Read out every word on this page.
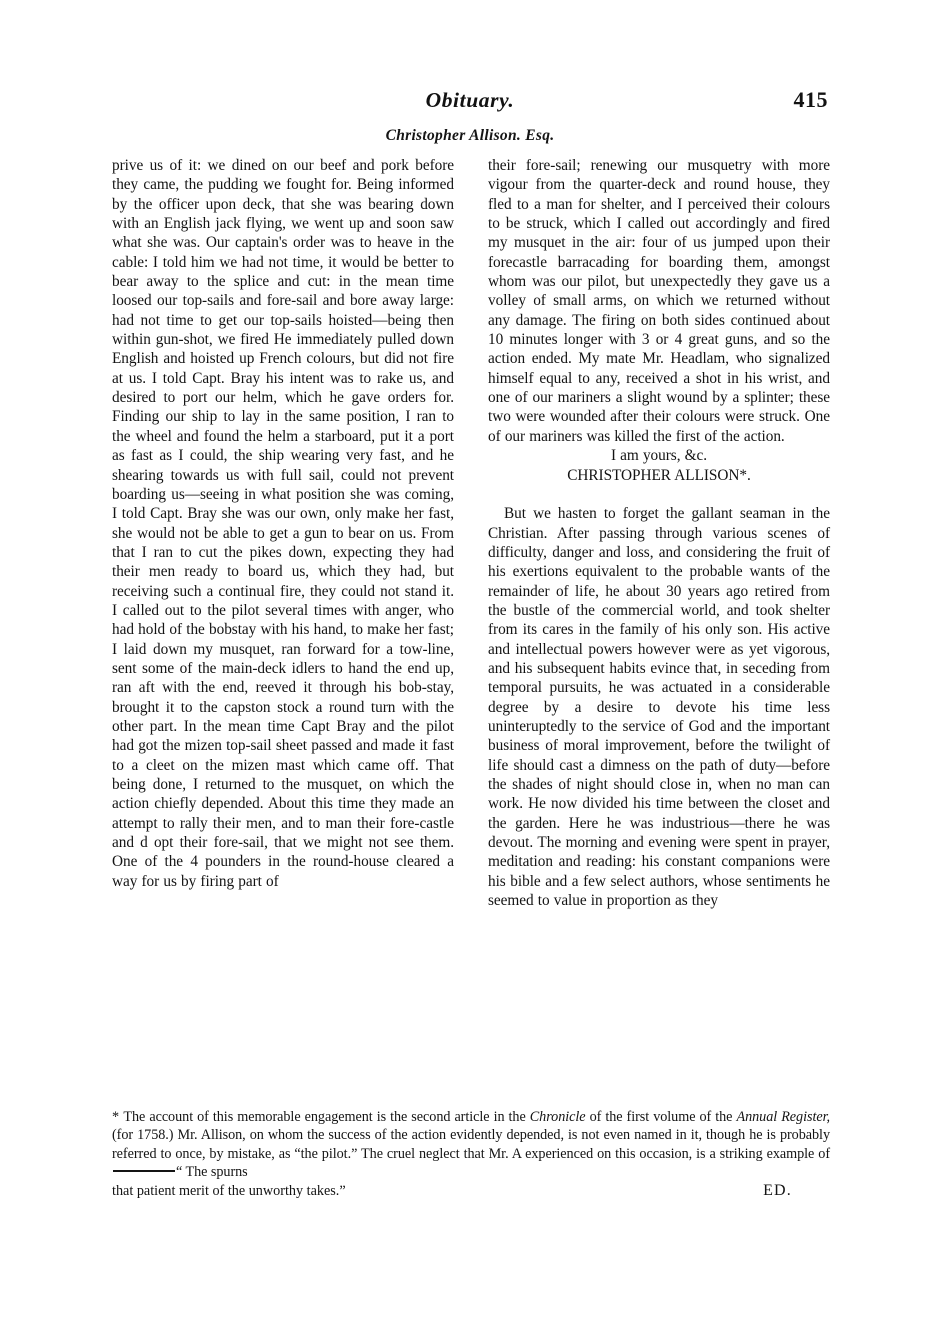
Obituary.	415
Christopher Allison. Esq.

prive us of it: we dined on our beef and pork before they came, the pudding we fought for. Being informed by the officer upon deck, that she was bearing down with an English jack flying, we went up and soon saw what she was. Our captain's order was to heave in the cable: I told him we had not time, it would be better to bear away to the splice and cut: in the mean time loosed our top-sails and fore-sail and bore away large: had not time to get our top-sails hoisted—being then within gun-shot, we fired He immediately pulled down English and hoisted up French colours, but did not fire at us. I told Capt. Bray his intent was to rake us, and desired to port our helm, which he gave orders for. Finding our ship to lay in the same position, I ran to the wheel and found the helm a starboard, put it a port as fast as I could, the ship wearing very fast, and he shearing towards us with full sail, could not prevent boarding us—seeing in what position she was coming, I told Capt. Bray she was our own, only make her fast, she would not be able to get a gun to bear on us. From that I ran to cut the pikes down, expecting they had their men ready to board us, which they had, but receiving such a continual fire, they could not stand it. I called out to the pilot several times with anger, who had hold of the bobstay with his hand, to make her fast; I laid down my musquet, ran forward for a tow-line, sent some of the main-deck idlers to hand the end up, ran aft with the end, reeved it through his bob-stay, brought it to the capston stock a round turn with the other part. In the mean time Capt Bray and the pilot had got the mizen top-sail sheet passed and made it fast to a cleet on the mizen mast which came off. That being done, I returned to the musquet, on which the action chiefly depended. About this time they made an attempt to rally their men, and to man their fore-castle and d opt their fore-sail, that we might not see them. One of the 4 pounders in the round-house cleared a way for us by firing part of

their fore-sail; renewing our musquetry with more vigour from the quarter-deck and round house, they fled to a man for shelter, and I perceived their colours to be struck, which I called out accordingly and fired my musquet in the air: four of us jumped upon their forecastle barracading for boarding them, amongst whom was our pilot, but unexpectedly they gave us a volley of small arms, on which we returned without any damage. The firing on both sides continued about 10 minutes longer with 3 or 4 great guns, and so the action ended. My mate Mr. Headlam, who signalized himself equal to any, received a shot in his wrist, and one of our mariners a slight wound by a splinter; these two were wounded after their colours were struck. One of our mariners was killed the first of the action.

I am yours, &c.

CHRISTOPHER ALLISON*.

But we hasten to forget the gallant seaman in the Christian. After passing through various scenes of difficulty, danger and loss, and considering the fruit of his exertions equivalent to the probable wants of the remainder of life, he about 30 years ago retired from the bustle of the commercial world, and took shelter from its cares in the family of his only son. His active and intellectual powers however were as yet vigorous, and his subsequent habits evince that, in seceding from temporal pursuits, he was actuated in a considerable degree by a desire to devote his time less uninteruptedly to the service of God and the important business of moral improvement, before the twilight of life should cast a dimness on the path of duty—before the shades of night should close in, when no man can work. He now divided his time between the closet and the garden. Here he was industrious—there he was devout. The morning and evening were spent in prayer, meditation and reading: his constant companions were his bible and a few select authors, whose sentiments he seemed to value in proportion as they

* The account of this memorable engagement is the second article in the Chronicle of the first volume of the Annual Register, (for 1758.) Mr. Allison, on whom the success of the action evidently depended, is not even named in it, though he is probably referred to once, by mistake, as “the pilot.” The cruel neglect that Mr. A experienced on this occasion, is a striking example of “ The spurns

that patient merit of the unworthy takes.”	ED.
